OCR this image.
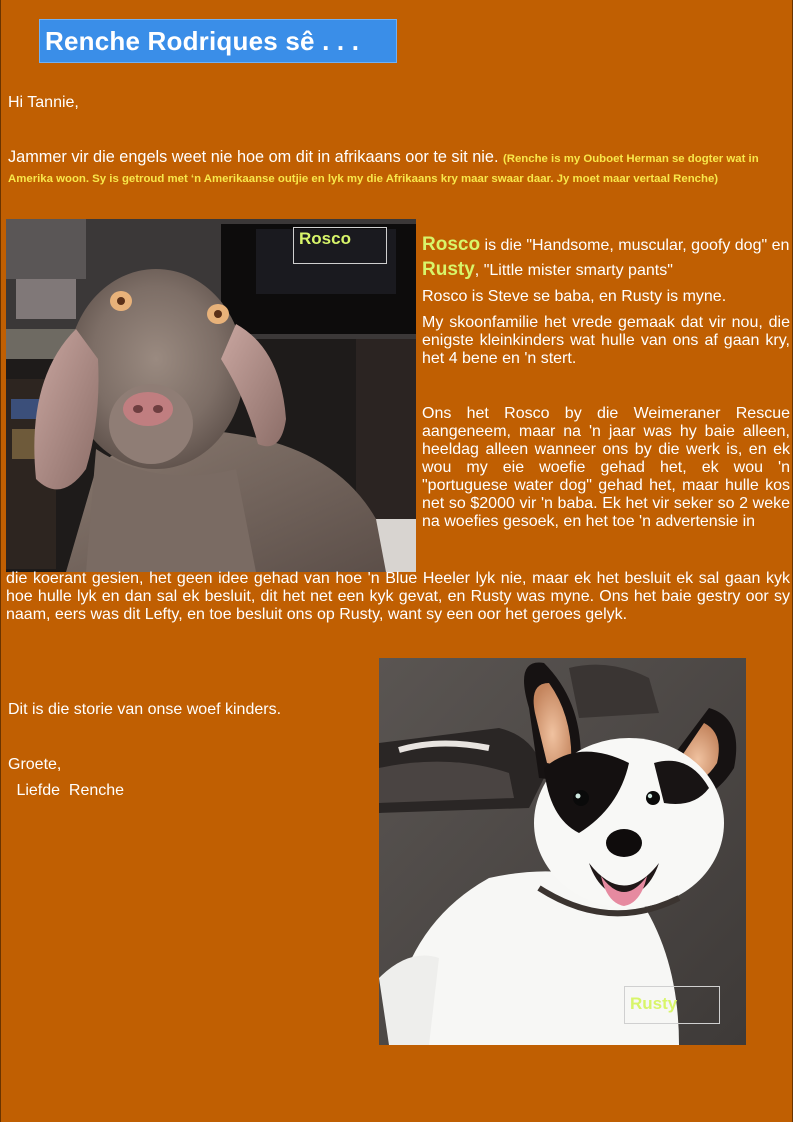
Renche Rodriques sê . . .
Hi Tannie,
Jammer vir die engels weet nie hoe om dit in afrikaans oor te sit nie. (Renche is my Ouboet Herman se dogter wat in Amerika woon. Sy is getroud met ‘n Amerikaanse outjie en lyk my die Afrikaans kry maar swaar daar. Jy moet maar vertaal Renche)
Rosco	Rosco is die "Handsome, muscular, goofy dog" en

Rusty, "Little mister smarty pants"

Rosco is Steve se baba, en Rusty is myne.

My skoonfamilie het vrede gemaak dat vir nou, die enigste kleinkinders wat hulle van ons af gaan kry, het 4 bene en 'n stert.

Ons het Rosco by die Weimeraner Rescue aangeneem, maar na 'n jaar was hy baie alleen, heeldag alleen wanneer ons by die werk is, en ek wou my eie woefie gehad het, ek wou 'n "portuguese water dog" gehad het, maar hulle kos net so $2000 vir 'n baba. Ek het vir seker so 2 weke na woefies gesoek, en het toe 'n advertensie in

die koerant gesien, het geen idee gehad van hoe 'n Blue Heeler lyk nie, maar ek het besluit ek sal gaan kyk hoe hulle lyk en dan sal ek besluit, dit het net een kyk gevat, en Rusty was myne. Ons het baie gestry oor sy naam, eers was dit Lefty, en toe besluit ons op Rusty, want sy een oor het geroes gelyk.
Dit is die storie van onse woef kinders.
Groete,
Liefde  Renche
Rusty
